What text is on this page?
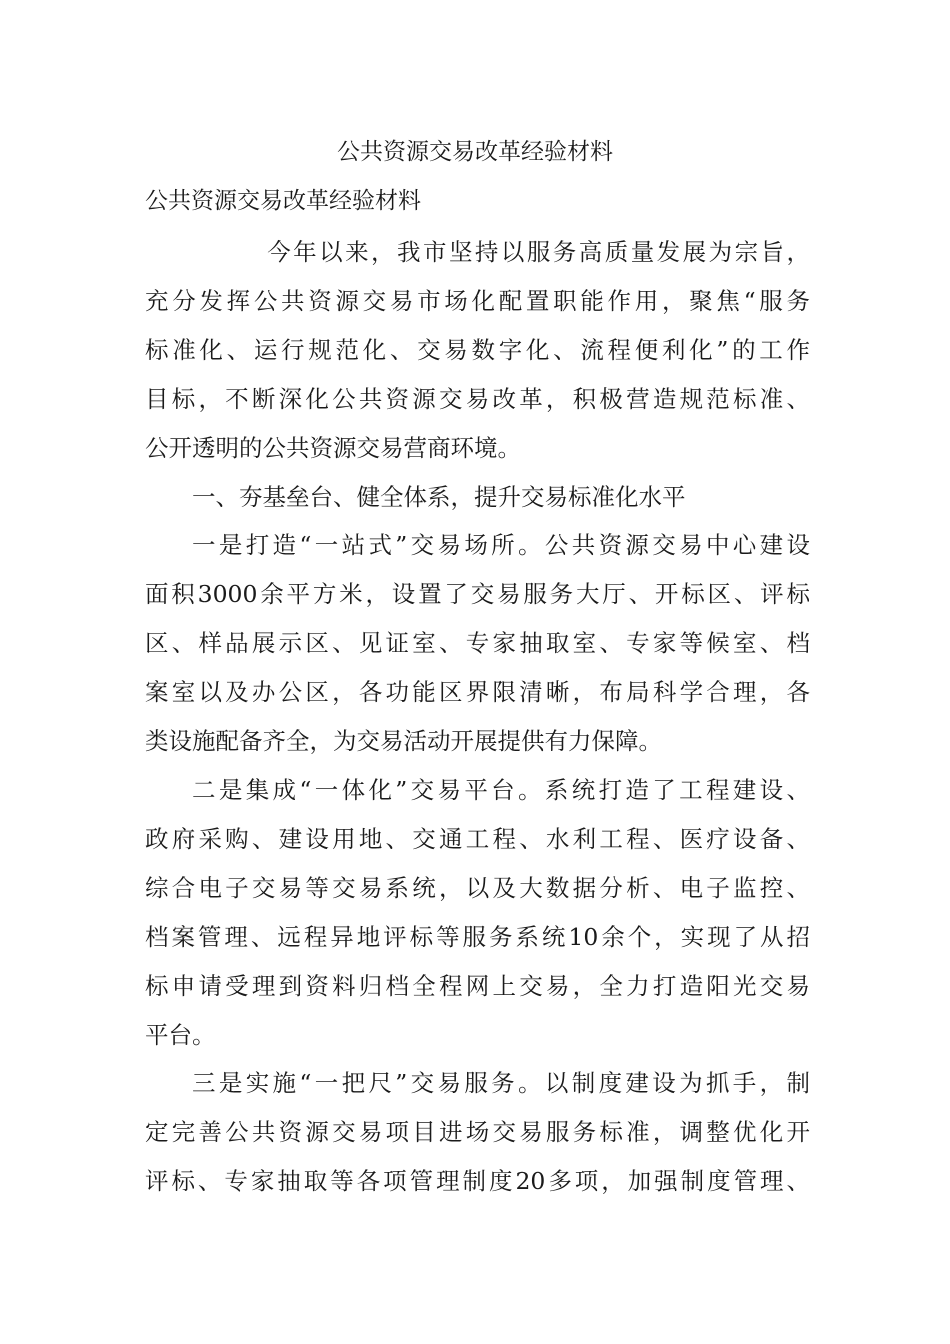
公共资源交易改革经验材料
公共资源交易改革经验材料

今年以来，我市坚持以服务高质量发展为宗旨，
充分发挥公共资源交易市场化配置职能作用，聚焦“服务
标准化、运行规范化、交易数字化、流程便利化”的工作
目标，不断深化公共资源交易改革，积极营造规范标准、
公开透明的公共资源交易营商环境。

一、夯基垒台、健全体系，提升交易标准化水平

一是打造“一站式”交易场所。公共资源交易中心建设
面积3000余平方米，设置了交易服务大厅、开标区、评标
区、样品展示区、见证室、专家抽取室、专家等候室、档
案室以及办公区，各功能区界限清晰，布局科学合理，各
类设施配备齐全，为交易活动开展提供有力保障。

二是集成“一体化”交易平台。系统打造了工程建设、
政府采购、建设用地、交通工程、水利工程、医疗设备、
综合电子交易等交易系统，以及大数据分析、电子监控、
档案管理、远程异地评标等服务系统10余个，实现了从招
标申请受理到资料归档全程网上交易，全力打造阳光交易
平台。

三是实施“一把尺”交易服务。以制度建设为抓手，制
定完善公共资源交易项目进场交易服务标准，调整优化开
评标、专家抽取等各项管理制度20多项，加强制度管理、
